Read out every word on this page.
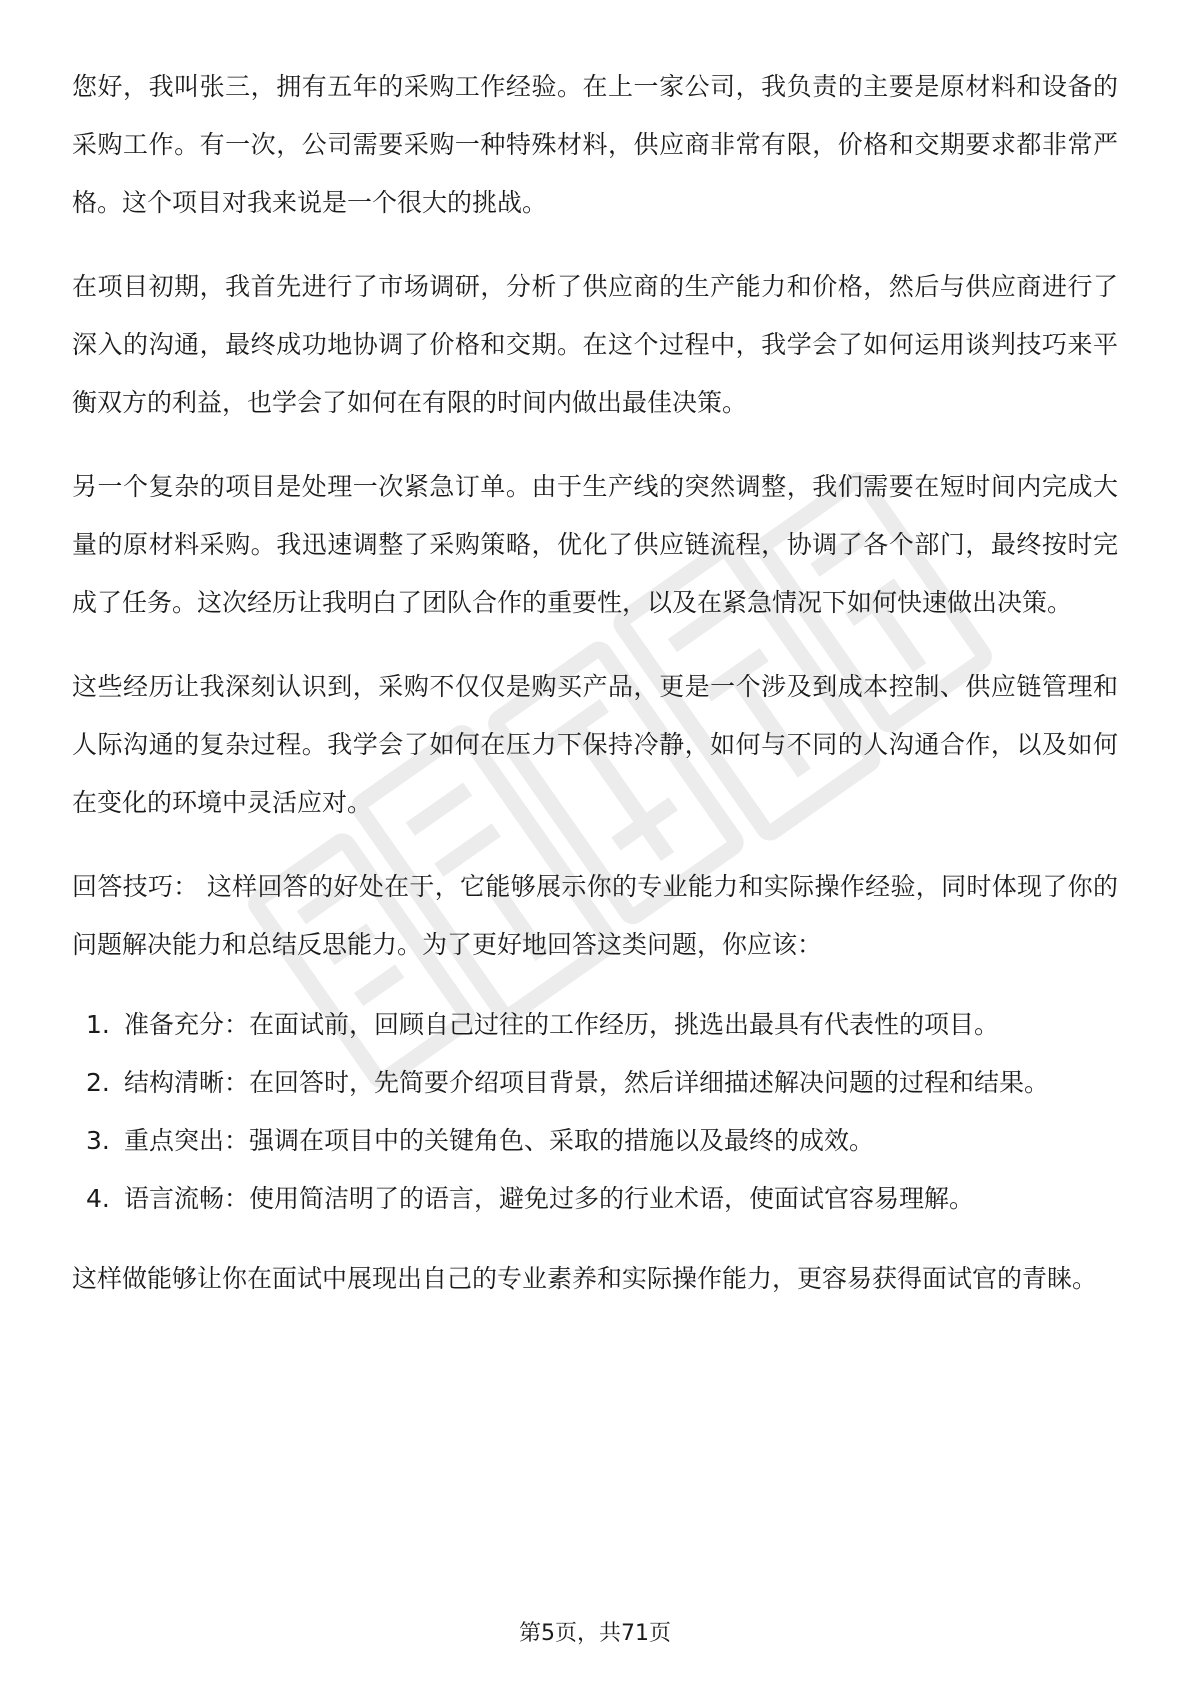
您好，我叫张三，拥有五年的采购工作经验。在上一家公司，我负责的主要是原材料和设备的采购工作。有一次，公司需要采购一种特殊材料，供应商非常有限，价格和交期要求都非常严格。这个项目对我来说是一个很大的挑战。

在项目初期，我首先进行了市场调研，分析了供应商的生产能力和价格，然后与供应商进行了深入的沟通，最终成功地协调了价格和交期。在这个过程中，我学会了如何运用谈判技巧来平衡双方的利益，也学会了如何在有限的时间内做出最佳决策。

另一个复杂的项目是处理一次紧急订单。由于生产线的突然调整，我们需要在短时间内完成大量的原材料采购。我迅速调整了采购策略，优化了供应链流程，协调了各个部门，最终按时完成了任务。这次经历让我明白了团队合作的重要性，以及在紧急情况下如何快速做出决策。

这些经历让我深刻认识到，采购不仅仅是购买产品，更是一个涉及到成本控制、供应链管理和人际沟通的复杂过程。我学会了如何在压力下保持冷静，如何与不同的人沟通合作，以及如何在变化的环境中灵活应对。

回答技巧： 这样回答的好处在于，它能够展示你的专业能力和实际操作经验，同时体现了你的问题解决能力和总结反思能力。为了更好地回答这类问题，你应该：

1. 准备充分：在面试前，回顾自己过往的工作经历，挑选出最具有代表性的项目。
2. 结构清晰：在回答时，先简要介绍项目背景，然后详细描述解决问题的过程和结果。
3. 重点突出：强调在项目中的关键角色、采取的措施以及最终的成效。
4. 语言流畅：使用简洁明了的语言，避免过多的行业术语，使面试官容易理解。

这样做能够让你在面试中展现出自己的专业素养和实际操作能力，更容易获得面试官的青睐。

第5页，共71页
